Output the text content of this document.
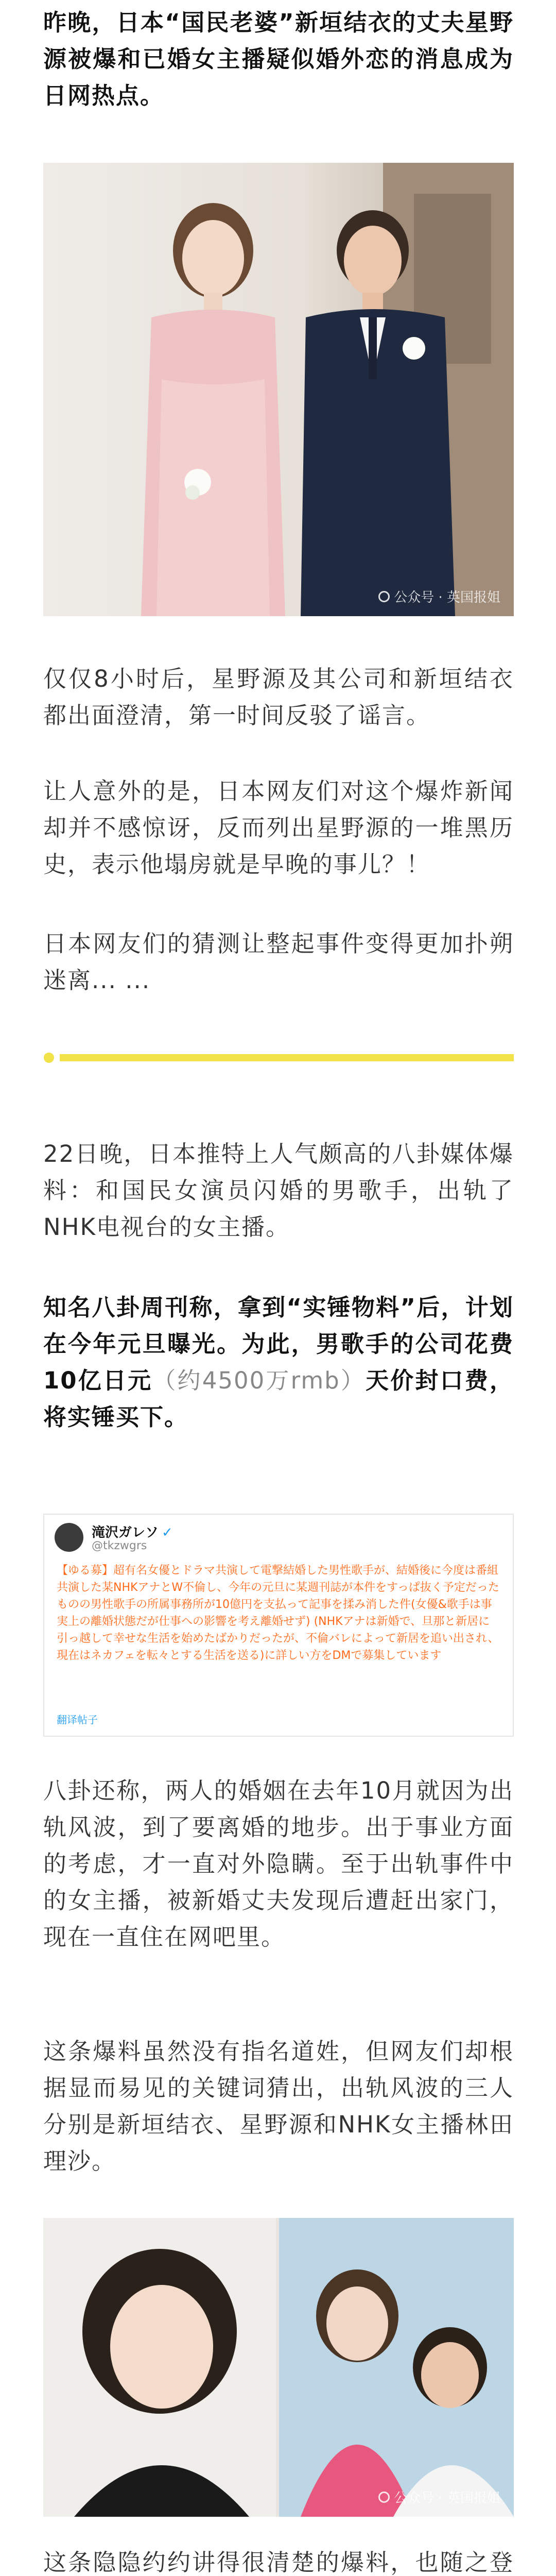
昨晚，日本“国民老婆”新垣结衣的丈夫星野源被爆和已婚女主播疑似婚外恋的消息成为日网热点。

公众号 · 英国报姐

仅仅8小时后，星野源及其公司和新垣结衣都出面澄清，第一时间反驳了谣言。

让人意外的是，日本网友们对这个爆炸新闻却并不感惊讶，反而列出星野源的一堆黑历史，表示他塌房就是早晚的事儿？！

日本网友们的猜测让整起事件变得更加扑朔迷离... ...

22日晚，日本推特上人气颇高的八卦媒体爆料：和国民女演员闪婚的男歌手，出轨了NHK电视台的女主播。

知名八卦周刊称，拿到“实锤物料”后，计划在今年元旦曝光。为此，男歌手的公司花费10亿日元（约4500万rmb）天价封口费，将实锤买下。

滝沢ガレソ ✓
@tkzwgrs
【ゆる募】超有名女優とドラマ共演して電撃結婚した男性歌手が、結婚後に今度は番組共演した某NHKアナとW不倫し、今年の元旦に某週刊誌が本件をすっぱ抜く予定だったものの男性歌手の所属事務所が10億円を支払って記事を揉み消した件(女優&歌手は事実上の離婚状態だが仕事への影響を考え離婚せず) (NHKアナは新婚で、旦那と新居に引っ越して幸せな生活を始めたばかりだったが、不倫バレによって新居を追い出され、現在はネカフェを転々とする生活を送る)に詳しい方をDMで募集しています
翻译帖子

八卦还称，两人的婚姻在去年10月就因为出轨风波，到了要离婚的地步。出于事业方面的考虑，才一直对外隐瞒。至于出轨事件中的女主播，被新婚丈夫发现后遭赶出家门，现在一直住在网吧里。

这条爆料虽然没有指名道姓，但网友们却根据显而易见的关键词猜出，出轨风波的三人分别是新垣结衣、星野源和NHK女主播林田理沙。

公众号 · 英国报姐

这条隐隐约约讲得很清楚的爆料，也随之登
